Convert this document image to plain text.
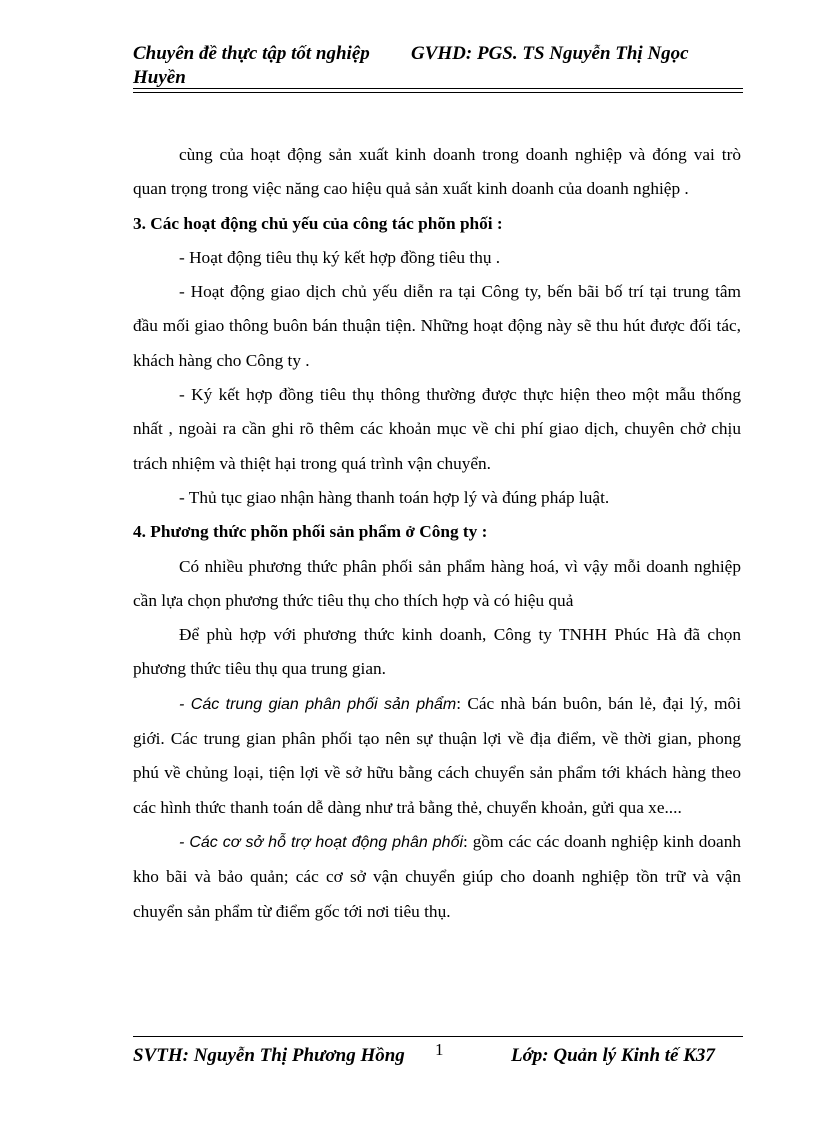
Chuyên đề thực tập tốt nghiệp GVHD: PGS. TS Nguyễn Thị Ngọc
Huyền

cùng của hoạt động sản xuất kinh doanh trong doanh nghiệp và đóng vai trò quan trọng trong việc năng cao hiệu quả sản xuất kinh doanh của doanh nghiệp .

3. Các hoạt động chủ yếu của công tác phõn phối :

- Hoạt động tiêu thụ ký kết hợp đồng tiêu thụ .

- Hoạt động giao dịch chủ yếu diễn ra tại Công ty, bến bãi bố trí tại trung tâm đầu mối giao thông buôn bán thuận tiện. Những hoạt động này sẽ thu hút được đối tác, khách hàng cho Công ty .

- Ký kết hợp đồng tiêu thụ thông thường được thực hiện theo một mẫu thống nhất , ngoài ra cần ghi rõ thêm các khoản mục về chi phí giao dịch, chuyên chở chịu trách nhiệm và thiệt hại trong quá trình vận chuyển.

- Thủ tục giao nhận hàng thanh toán hợp lý và đúng pháp luật.

4. Phương thức phõn phối sản phẩm ở Công ty :

Có nhiều phương thức phân phối sản phẩm hàng hoá, vì vậy mỗi doanh nghiệp cần lựa chọn phương thức tiêu thụ cho thích hợp và có hiệu quả

Để phù hợp với phương thức kinh doanh, Công ty TNHH Phúc Hà đã chọn phương thức tiêu thụ qua trung gian.

- Các trung gian phân phối sản phẩm: Các nhà bán buôn, bán lẻ, đại lý, môi giới. Các trung gian phân phối tạo nên sự thuận lợi về địa điểm, về thời gian, phong phú về chủng loại, tiện lợi về sở hữu bằng cách chuyển sản phẩm tới khách hàng theo các hình thức thanh toán dễ dàng như trả bằng thẻ, chuyển khoản, gửi qua xe....

- Các cơ sở hỗ trợ hoạt động phân phối: gồm các các doanh nghiệp kinh doanh kho bãi và bảo quản; các cơ sở vận chuyển giúp cho doanh nghiệp tồn trữ và vận chuyển sản phẩm từ điểm gốc tới nơi tiêu thụ.

SVTH: Nguyễn Thị Phương Hồng 1	Lớp: Quản lý Kinh tế K37
